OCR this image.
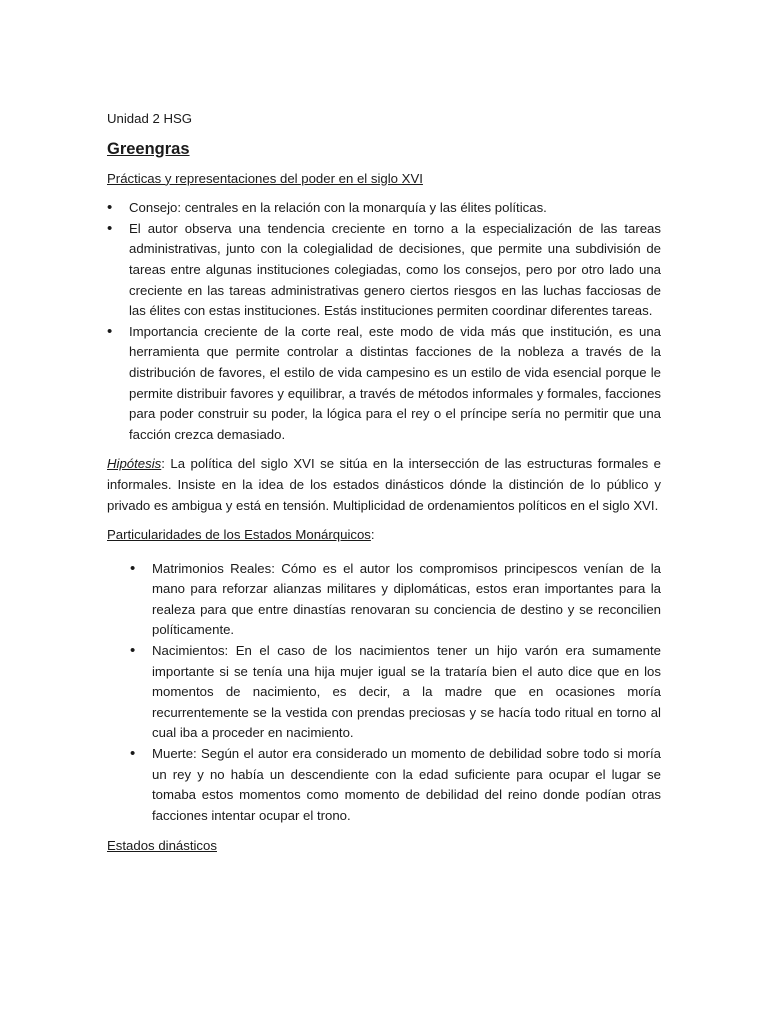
Unidad 2 HSG
Greengras
Prácticas y representaciones del poder en el siglo XVI
• Consejo: centrales en la relación con la monarquía y las élites políticas.
• El autor observa una tendencia creciente en torno a la especialización de las tareas administrativas, junto con la colegialidad de decisiones, que permite una subdivisión de tareas entre algunas instituciones colegiadas, como los consejos, pero por otro lado una creciente en las tareas administrativas genero ciertos riesgos en las luchas facciosas de las élites con estas instituciones. Estás instituciones permiten coordinar diferentes tareas.
• Importancia creciente de la corte real, este modo de vida más que institución, es una herramienta que permite controlar a distintas facciones de la nobleza a través de la distribución de favores, el estilo de vida campesino es un estilo de vida esencial porque le permite distribuir favores y equilibrar, a través de métodos informales y formales, facciones para poder construir su poder, la lógica para el rey o el príncipe sería no permitir que una facción crezca demasiado.
Hipótesis: La política del siglo XVI se sitúa en la intersección de las estructuras formales e informales. Insiste en la idea de los estados dinásticos dónde la distinción de lo público y privado es ambigua y está en tensión. Multiplicidad de ordenamientos políticos en el siglo XVI.
Particularidades de los Estados Monárquicos:
• Matrimonios Reales: Cómo es el autor los compromisos principescos venían de la mano para reforzar alianzas militares y diplomáticas, estos eran importantes para la realeza para que entre dinastías renovaran su conciencia de destino y se reconcilien políticamente.
• Nacimientos: En el caso de los nacimientos tener un hijo varón era sumamente importante si se tenía una hija mujer igual se la trataría bien el auto dice que en los momentos de nacimiento, es decir, a la madre que en ocasiones moría recurrentemente se la vestida con prendas preciosas y se hacía todo ritual en torno al cual iba a proceder en nacimiento.
• Muerte: Según el autor era considerado un momento de debilidad sobre todo si moría un rey y no había un descendiente con la edad suficiente para ocupar el lugar se tomaba estos momentos como momento de debilidad del reino donde podían otras facciones intentar ocupar el trono.
Estados dinásticos
